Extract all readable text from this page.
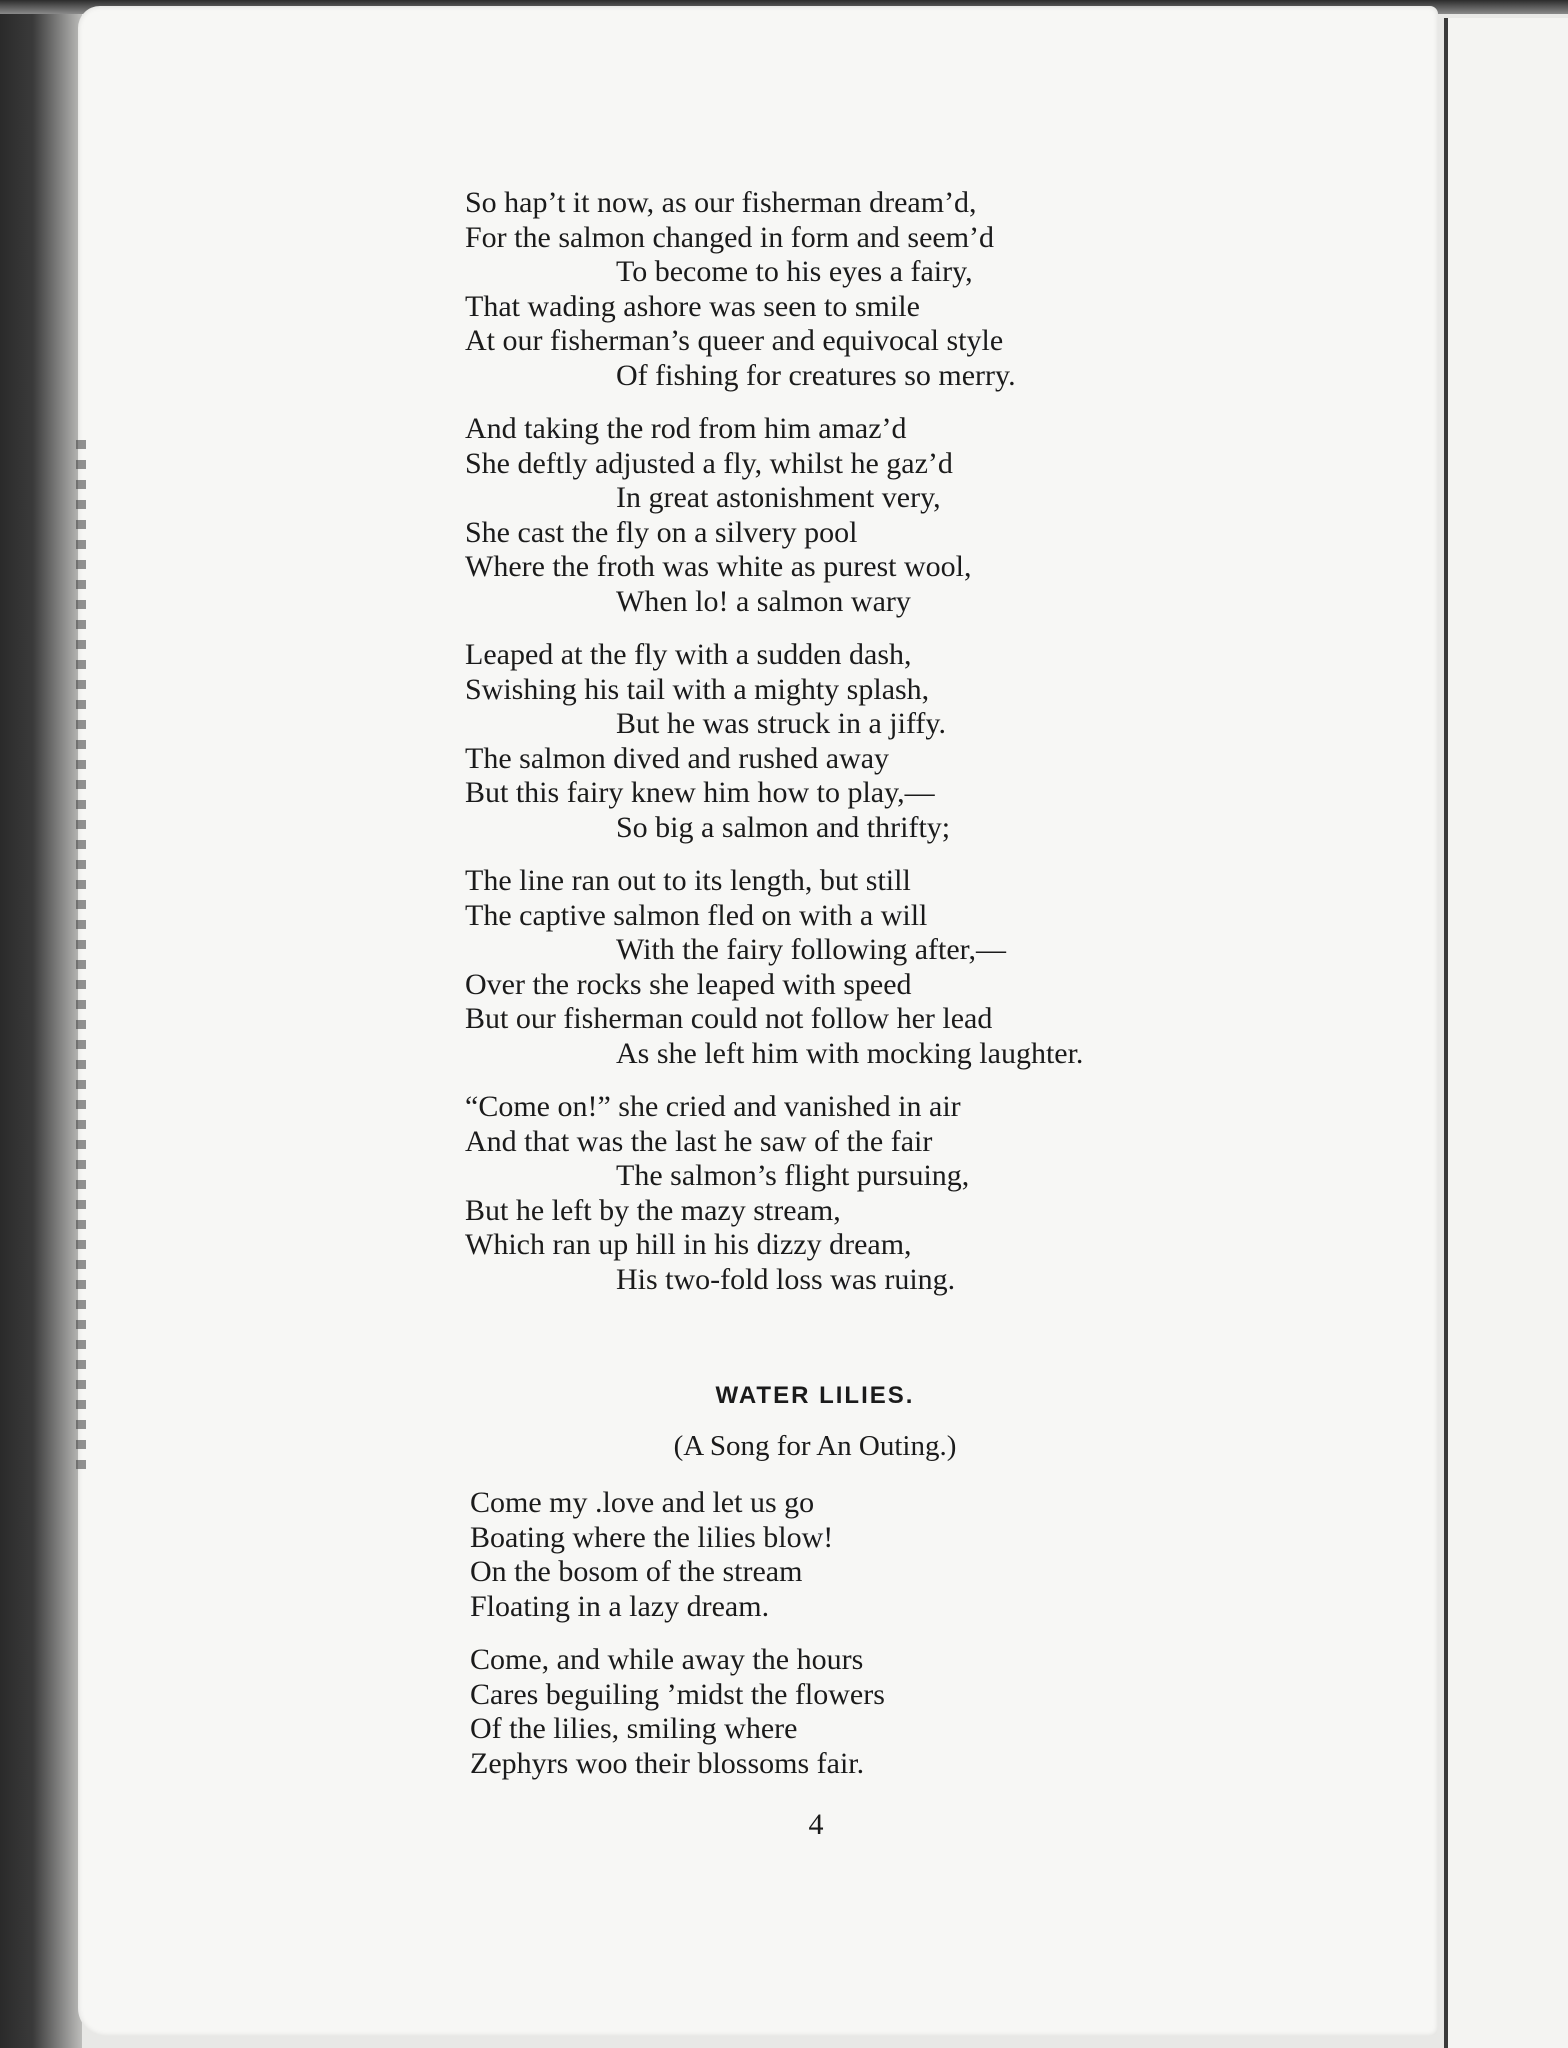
So hap’t it now, as our fisherman dream’d,
For the salmon changed in form and seem’d
To become to his eyes a fairy,
That wading ashore was seen to smile
At our fisherman’s queer and equivocal style
Of fishing for creatures so merry.
And taking the rod from him amaz’d
She deftly adjusted a fly, whilst he gaz’d
In great astonishment very,
She cast the fly on a silvery pool
Where the froth was white as purest wool,
When lo! a salmon wary
Leaped at the fly with a sudden dash,
Swishing his tail with a mighty splash,
But he was struck in a jiffy.
The salmon dived and rushed away
But this fairy knew him how to play,—
So big a salmon and thrifty;
The line ran out to its length, but still
The captive salmon fled on with a will
With the fairy following after,—
Over the rocks she leaped with speed
But our fisherman could not follow her lead
As she left him with mocking laughter.
“Come on!” she cried and vanished in air
And that was the last he saw of the fair
The salmon’s flight pursuing,
But he left by the mazy stream,
Which ran up hill in his dizzy dream,
His two-fold loss was ruing.
WATER LILIES.
(A Song for An Outing.)
Come my .love and let us go
Boating where the lilies blow!
On the bosom of the stream
Floating in a lazy dream.
Come, and while away the hours
Cares beguiling ’midst the flowers
Of the lilies, smiling where
Zephyrs woo their blossoms fair.
4
